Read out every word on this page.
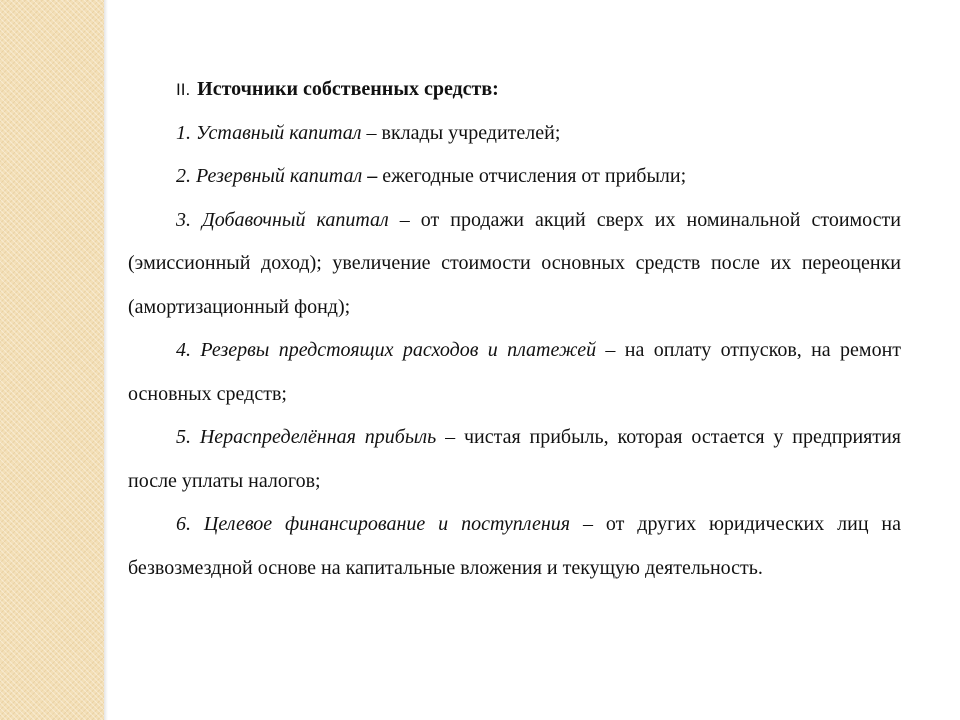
II. Источники собственных средств:

1. Уставный капитал – вклады учредителей;

2. Резервный капитал – ежегодные отчисления от прибыли;

3. Добавочный капитал – от продажи акций сверх их номинальной стоимости (эмиссионный доход); увеличение стоимости основных средств после их переоценки (амортизационный фонд);

4. Резервы предстоящих расходов и платежей – на оплату отпусков, на ремонт основных средств;

5. Нераспределённая прибыль – чистая прибыль, которая остается у предприятия после уплаты налогов;

6. Целевое финансирование и поступления – от других юридических лиц на безвозмездной основе на капитальные вложения и текущую деятельность.
